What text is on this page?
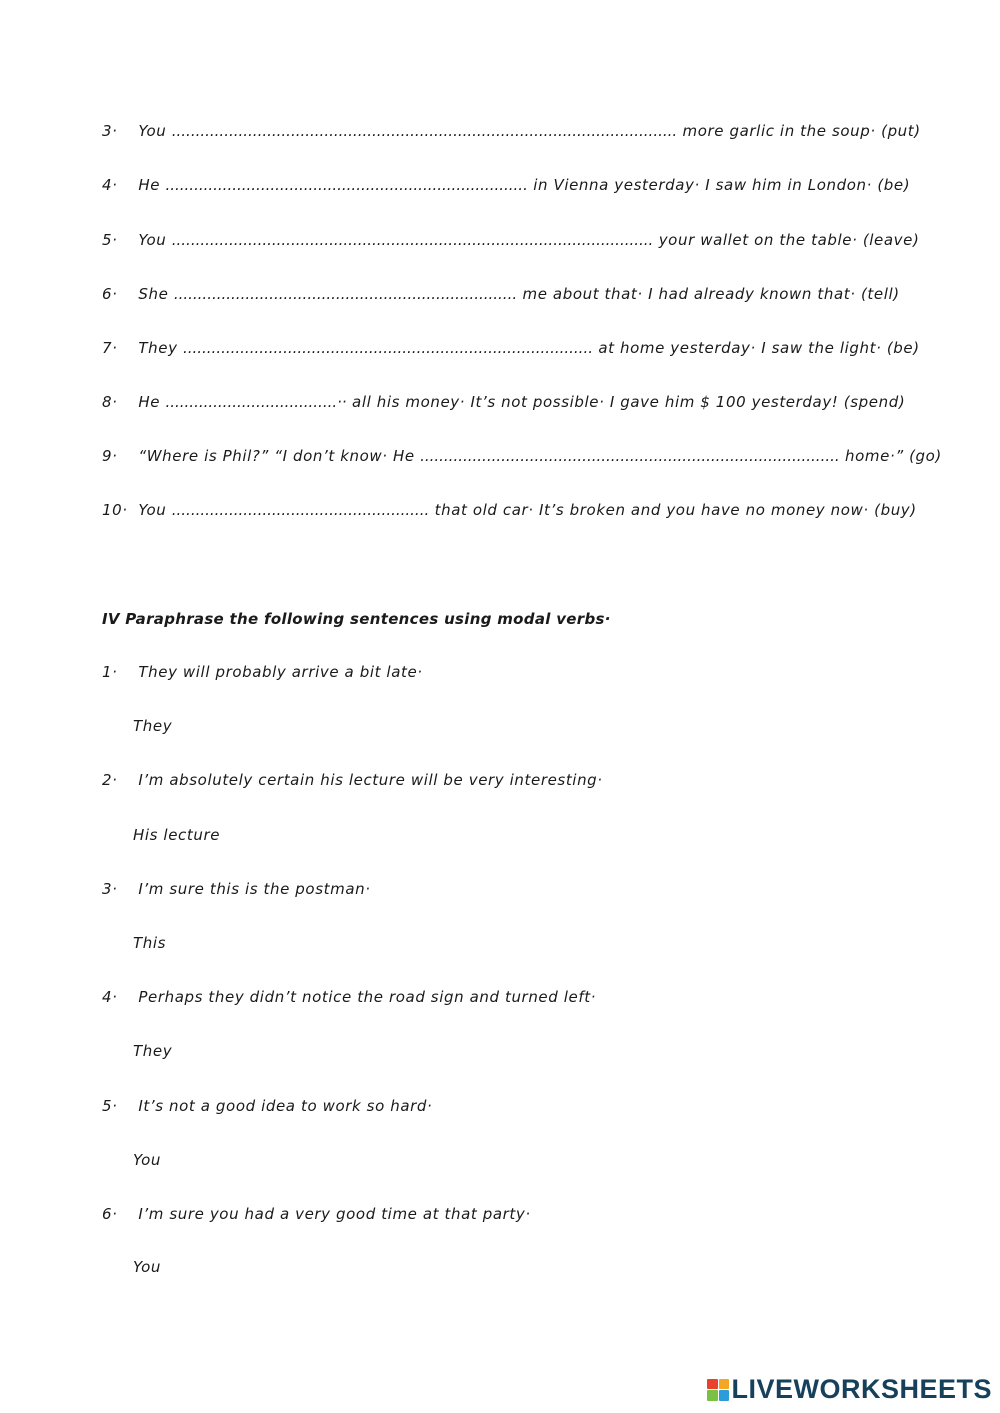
3· You .......................................................................................................... more garlic in the soup· (put)
4· He ............................................................................ in Vienna yesterday· I saw him in London· (be)
5· You ..................................................................................................... your wallet on the table· (leave)
6· She ........................................................................ me about that· I had already known that· (tell)
7· They ...................................................................................... at home yesterday· I saw the light· (be)
8· He ....................................·· all his money· It’s not possible· I gave him $ 100 yesterday! (spend)
9· “Where is Phil?” “I don’t know· He ........................................................................................ home·” (go)
10· You ...................................................... that old car· It’s broken and you have no money now· (buy)
IV Paraphrase the following sentences using modal verbs·
1· They will probably arrive a bit late·
They
2· I’m absolutely certain his lecture will be very interesting·
His lecture
3· I’m sure this is the postman·
This
4· Perhaps they didn’t notice the road sign and turned left·
They
5· It’s not a good idea to work so hard·
You
6· I’m sure you had a very good time at that party·
You
LIVEWORKSHEETS
